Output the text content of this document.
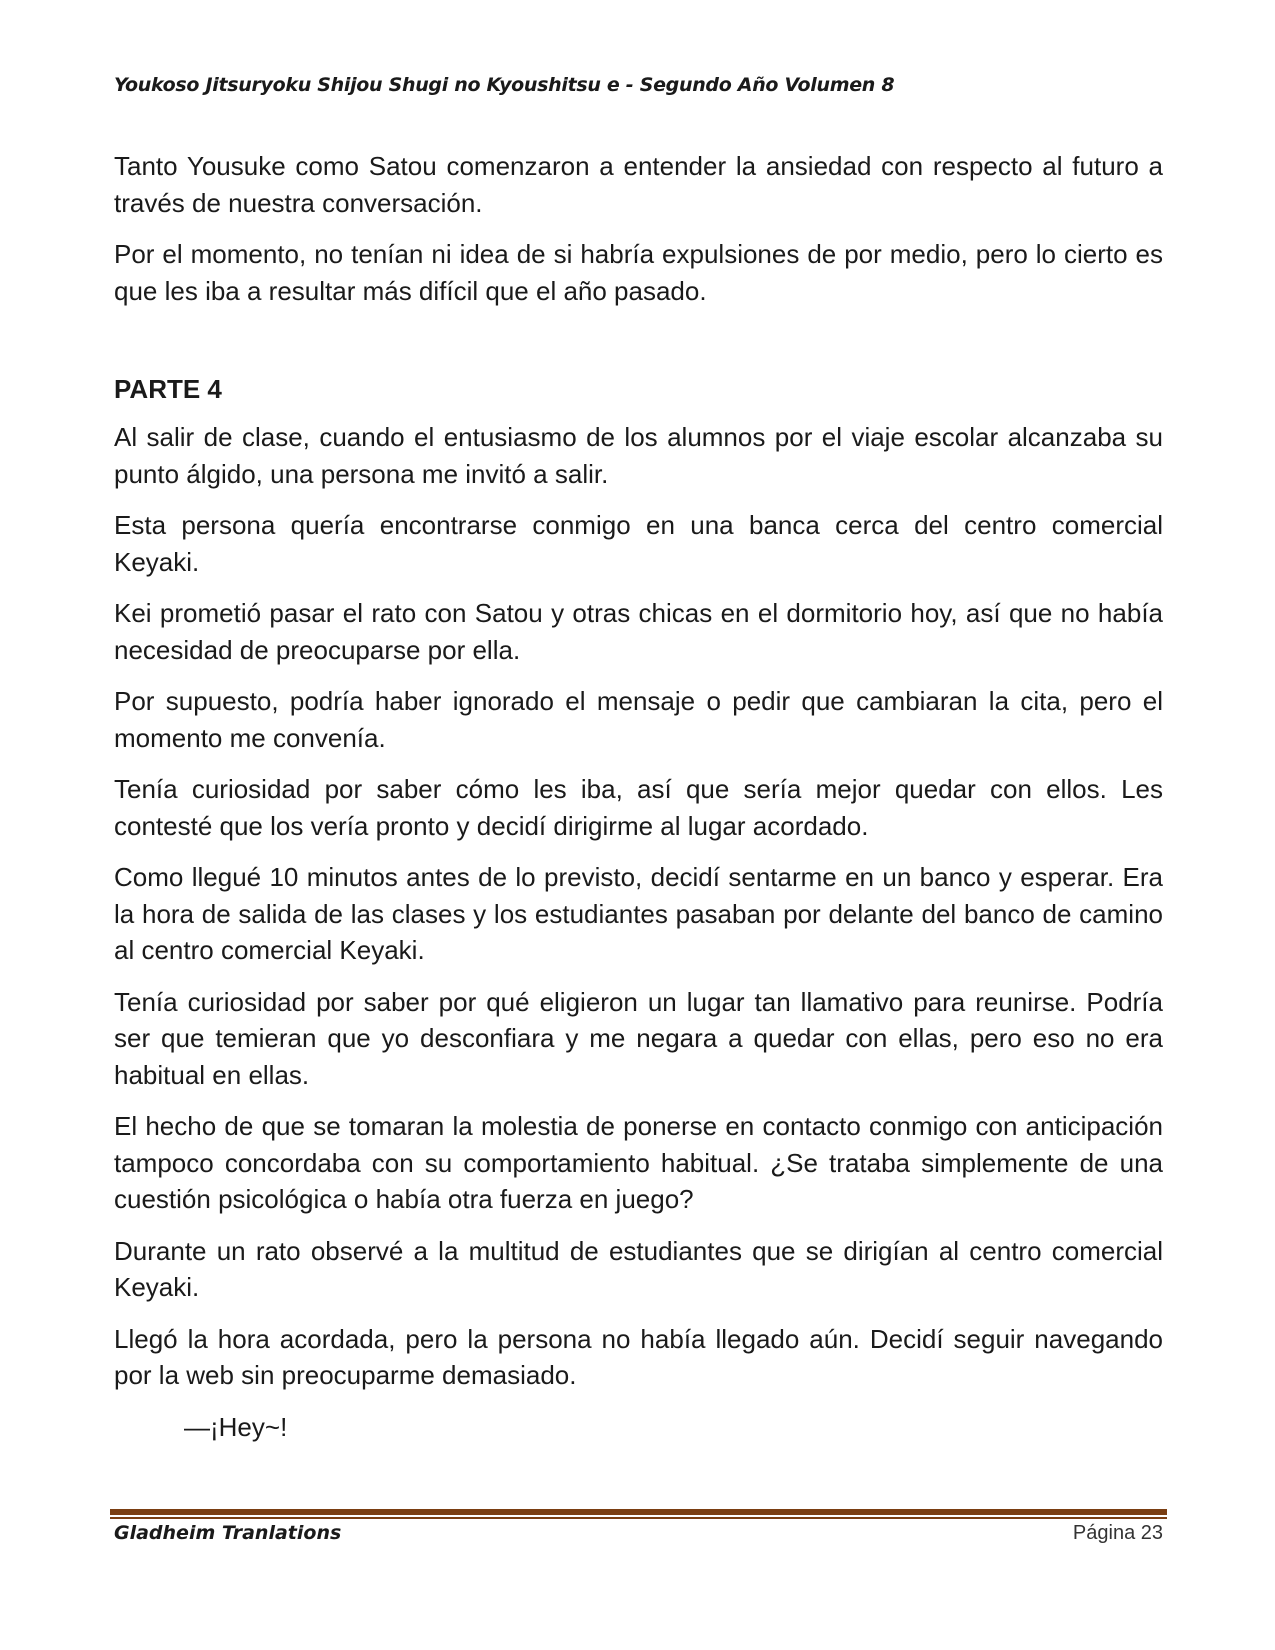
Youkoso Jitsuryoku Shijou Shugi no Kyoushitsu e - Segundo Año Volumen 8

Tanto Yousuke como Satou comenzaron a entender la ansiedad con respecto al futuro a través de nuestra conversación.

Por el momento, no tenían ni idea de si habría expulsiones de por medio, pero lo cierto es que les iba a resultar más difícil que el año pasado.

PARTE 4

Al salir de clase, cuando el entusiasmo de los alumnos por el viaje escolar alcanzaba su punto álgido, una persona me invitó a salir.

Esta persona quería encontrarse conmigo en una banca cerca del centro comercial Keyaki.

Kei prometió pasar el rato con Satou y otras chicas en el dormitorio hoy, así que no había necesidad de preocuparse por ella.

Por supuesto, podría haber ignorado el mensaje o pedir que cambiaran la cita, pero el momento me convenía.

Tenía curiosidad por saber cómo les iba, así que sería mejor quedar con ellos. Les contesté que los vería pronto y decidí dirigirme al lugar acordado.

Como llegué 10 minutos antes de lo previsto, decidí sentarme en un banco y esperar. Era la hora de salida de las clases y los estudiantes pasaban por delante del banco de camino al centro comercial Keyaki.

Tenía curiosidad por saber por qué eligieron un lugar tan llamativo para reunirse. Podría ser que temieran que yo desconfiara y me negara a quedar con ellas, pero eso no era habitual en ellas.

El hecho de que se tomaran la molestia de ponerse en contacto conmigo con anticipación tampoco concordaba con su comportamiento habitual. ¿Se trataba simplemente de una cuestión psicológica o había otra fuerza en juego?

Durante un rato observé a la multitud de estudiantes que se dirigían al centro comercial Keyaki.

Llegó la hora acordada, pero la persona no había llegado aún. Decidí seguir navegando por la web sin preocuparme demasiado.

—¡Hey~!

Gladheim Tranlations	Página 23
